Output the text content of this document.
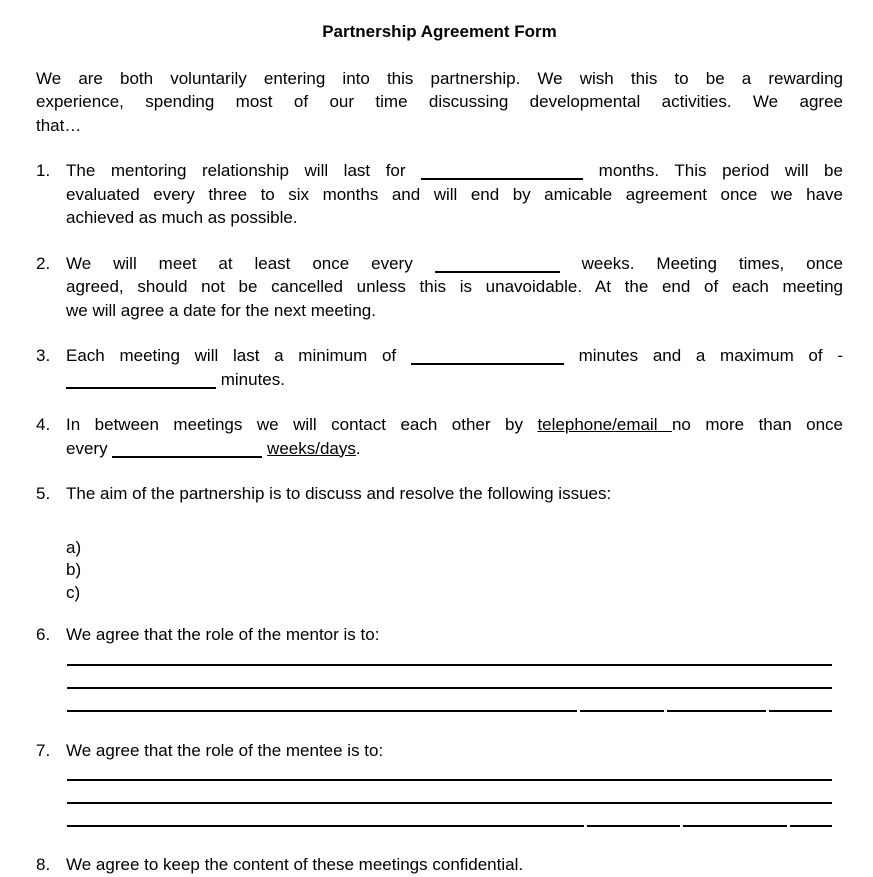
Partnership Agreement Form
We are both voluntarily entering into this partnership. We wish this to be a rewarding
experience, spending most of our time discussing developmental activities. We agree
that…
1. The mentoring relationship will last for	months. This period will be
evaluated every three to six months and will end by amicable agreement once we have
achieved as much as possible.
2. We will meet at least once every	weeks. Meeting times, once
agreed, should not be cancelled unless this is unavoidable. At the end of each meeting
we will agree a date for the next meeting.
3. Each meeting will last a minimum of	minutes and a maximum of -
minutes.
4. In between meetings we will contact each other by telephone/email no more than once
every	weeks/days.
5. The aim of the partnership is to discuss and resolve the following issues:
a)
b)
c)
6. We agree that the role of the mentor is to:
7. We agree that the role of the mentee is to:
8. We agree to keep the content of these meetings confidential.
